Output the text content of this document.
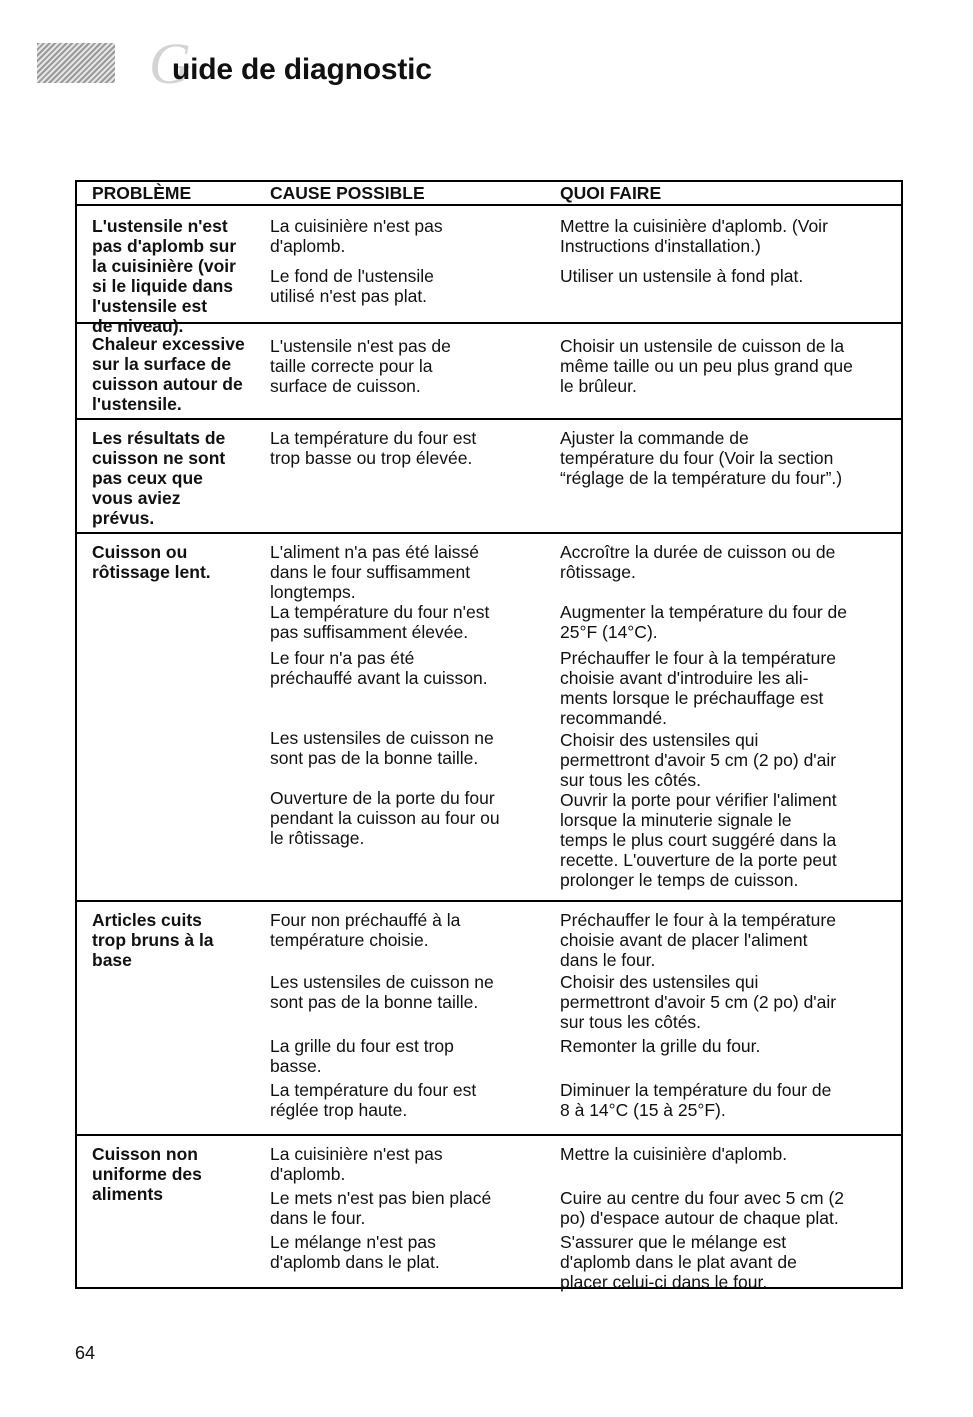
G
uide de diagnostic
PROBLÈME	CAUSE POSSIBLE	QUOI FAIRE
L'ustensile n'est
pas d'aplomb sur
la cuisinière (voir
si le liquide dans
l'ustensile est
de niveau).
La cuisinière n'est pas
d'aplomb.
Le fond de l'ustensile
utilisé n'est pas plat.
Mettre la cuisinière d'aplomb. (Voir
Instructions d'installation.)
Utiliser un ustensile à fond plat.
Chaleur excessive
sur la surface de
cuisson autour de
l'ustensile.
L'ustensile n'est pas de
taille correcte pour la
surface de cuisson.
Choisir un ustensile de cuisson de la
même taille ou un peu plus grand que
le brûleur.
Les résultats de
cuisson ne sont
pas ceux que
vous aviez
prévus.
La température du four est
trop basse ou trop élevée.
Ajuster la commande de
température du four (Voir la section
“réglage de la température du four”.)
Cuisson ou
rôtissage lent.
L'aliment n'a pas été laissé
dans le four suffisamment
longtemps.
La température du four n'est
pas suffisamment élevée.
Le four n'a pas été
préchauffé avant la cuisson.
Les ustensiles de cuisson ne
sont pas de la bonne taille.
Ouverture de la porte du four
pendant la cuisson au four ou
le rôtissage.
Accroître la durée de cuisson ou de
rôtissage.
Augmenter la température du four de
25°F (14°C).
Préchauffer le four à la température
choisie avant d'introduire les ali-
ments lorsque le préchauffage est
recommandé.
Choisir des ustensiles qui
permettront d'avoir 5 cm (2 po) d'air
sur tous les côtés.
Ouvrir la porte pour vérifier l'aliment
lorsque la minuterie signale le
temps le plus court suggéré dans la
recette. L'ouverture de la porte peut
prolonger le temps de cuisson.
Articles cuits
trop bruns à la
base
Four non préchauffé à la
température choisie.
Les ustensiles de cuisson ne
sont pas de la bonne taille.
La grille du four est trop
basse.
La température du four est
réglée trop haute.
Préchauffer le four à la température
choisie avant de placer l'aliment
dans le four.
Choisir des ustensiles qui
permettront d'avoir 5 cm (2 po) d'air
sur tous les côtés.
Remonter la grille du four.
Diminuer la température du four de
8 à 14°C (15 à 25°F).
Cuisson non
uniforme des
aliments
La cuisinière n'est pas
d'aplomb.
Le mets n'est pas bien placé
dans le four.
Le mélange n'est pas
d'aplomb dans le plat.
Mettre la cuisinière d'aplomb.
Cuire au centre du four avec 5 cm (2
po) d'espace autour de chaque plat.
S'assurer que le mélange est
d'aplomb dans le plat avant de
placer celui-ci dans le four.
64
